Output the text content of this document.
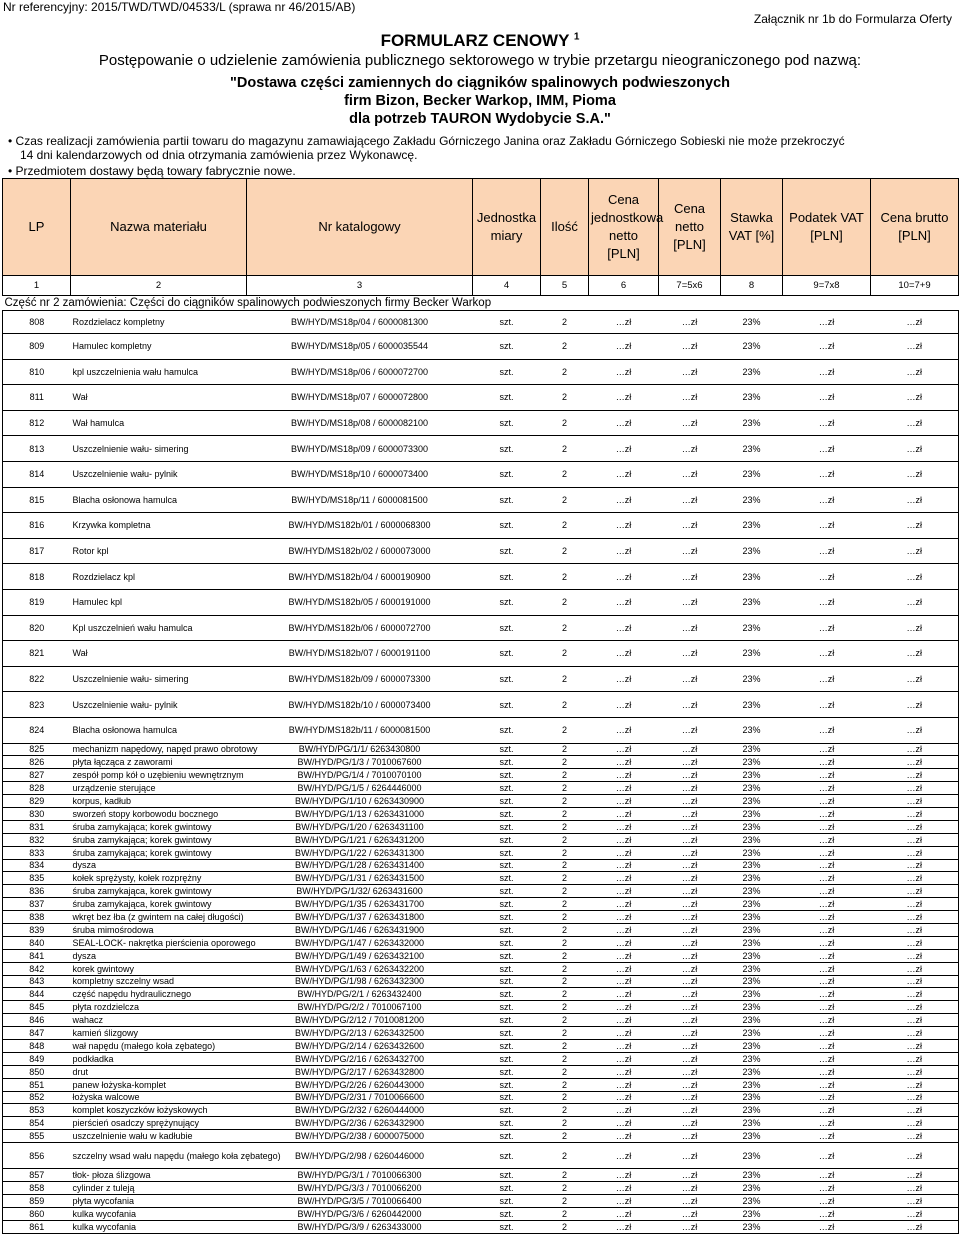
Nr referencyjny: 2015/TWD/TWD/04533/L (sprawa nr 46/2015/AB)
Załącznik nr 1b do Formularza Oferty
FORMULARZ CENOWY $^1$
Postępowanie o udzielenie zamówienia publicznego sektorowego w trybie przetargu nieograniczonego pod nazwą:
"Dostawa części zamiennych do ciągników spalinowych podwieszonych
firm Bizon, Becker Warkop, IMM, Pioma
dla potrzeb TAURON Wydobycie S.A."
• Czas realizacji zamówienia partii towaru do magazynu zamawiającego Zakładu Górniczego Janina oraz Zakładu Górniczego Sobieski nie może przekroczyć
14 dni kalendarzowych od dnia otrzymania zamówienia przez Wykonawcę.
• Przedmiotem dostawy będą towary fabrycznie nowe.
LP	Nazwa materiału	Nr katalogowy	Jednostka miary	Ilość	Cena jednostkowa netto [PLN]	Cena netto [PLN]	Stawka VAT [%]	Podatek VAT [PLN]	Cena brutto [PLN]
1	2	3	4	5	6	7=5x6	8	9=7x8	10=7+9
Część nr 2 zamówienia: Części do ciągników spalinowych podwieszonych firmy Becker Warkop									
808	Rozdzielacz kompletny	BW/HYD/MS18p/04 / 6000081300	szt.	2	…zł	…zł	23%	…zł	…zł
809	Hamulec kompletny	BW/HYD/MS18p/05 / 6000035544	szt.	2	…zł	…zł	23%	…zł	…zł
810	kpl uszczelnienia wału hamulca	BW/HYD/MS18p/06 / 6000072700	szt.	2	…zł	…zł	23%	…zł	…zł
811	Wał	BW/HYD/MS18p/07 / 6000072800	szt.	2	…zł	…zł	23%	…zł	…zł
812	Wał hamulca	BW/HYD/MS18p/08 / 6000082100	szt.	2	…zł	…zł	23%	…zł	…zł
813	Uszczelnienie wału- simering	BW/HYD/MS18p/09 / 6000073300	szt.	2	…zł	…zł	23%	…zł	…zł
814	Uszczelnienie wału- pylnik	BW/HYD/MS18p/10 / 6000073400	szt.	2	…zł	…zł	23%	…zł	…zł
815	Blacha osłonowa hamulca	BW/HYD/MS18p/11 / 6000081500	szt.	2	…zł	…zł	23%	…zł	…zł
816	Krzywka kompletna	BW/HYD/MS182b/01 / 6000068300	szt.	2	…zł	…zł	23%	…zł	…zł
817	Rotor kpl	BW/HYD/MS182b/02 / 6000073000	szt.	2	…zł	…zł	23%	…zł	…zł
818	Rozdzielacz kpl	BW/HYD/MS182b/04 / 6000190900	szt.	2	…zł	…zł	23%	…zł	…zł
819	Hamulec kpl	BW/HYD/MS182b/05 / 6000191000	szt.	2	…zł	…zł	23%	…zł	…zł
820	Kpl uszczelnień wału hamulca	BW/HYD/MS182b/06 / 6000072700	szt.	2	…zł	…zł	23%	…zł	…zł
821	Wał	BW/HYD/MS182b/07 / 6000191100	szt.	2	…zł	…zł	23%	…zł	…zł
822	Uszczelnienie wału- simering	BW/HYD/MS182b/09 / 6000073300	szt.	2	…zł	…zł	23%	…zł	…zł
823	Uszczelnienie wału- pylnik	BW/HYD/MS182b/10 / 6000073400	szt.	2	…zł	…zł	23%	…zł	…zł
824	Blacha osłonowa hamulca	BW/HYD/MS182b/11 / 6000081500	szt.	2	…zł	…zł	23%	…zł	…zł
825	mechanizm napędowy, napęd prawo obrotowy	BW/HYD/PG/1/1/ 6263430800	szt.	2	…zł	…zł	23%	…zł	…zł
826	płyta łącząca z zaworami	BW/HYD/PG/1/3 / 7010067600	szt.	2	…zł	…zł	23%	…zł	…zł
827	zespół pomp kół o uzębieniu wewnętrznym	BW/HYD/PG/1/4 / 7010070100	szt.	2	…zł	…zł	23%	…zł	…zł
828	urządzenie sterujące	BW/HYD/PG/1/5 / 6264446000	szt.	2	…zł	…zł	23%	…zł	…zł
829	korpus, kadłub	BW/HYD/PG/1/10 / 6263430900	szt.	2	…zł	…zł	23%	…zł	…zł
830	sworzeń stopy korbowodu bocznego	BW/HYD/PG/1/13 / 6263431000	szt.	2	…zł	…zł	23%	…zł	…zł
831	śruba zamykająca; korek gwintowy	BW/HYD/PG/1/20 / 6263431100	szt.	2	…zł	…zł	23%	…zł	…zł
832	śruba zamykająca; korek gwintowy	BW/HYD/PG/1/21 / 6263431200	szt.	2	…zł	…zł	23%	…zł	…zł
833	śruba zamykająca; korek gwintowy	BW/HYD/PG/1/22 / 6263431300	szt.	2	…zł	…zł	23%	…zł	…zł
834	dysza	BW/HYD/PG/1/28 / 6263431400	szt.	2	…zł	…zł	23%	…zł	…zł
835	kołek sprężysty, kołek rozprężny	BW/HYD/PG/1/31 / 6263431500	szt.	2	…zł	…zł	23%	…zł	…zł
836	śruba zamykająca, korek gwintowy	BW/HYD/PG/1/32/ 6263431600	szt.	2	…zł	…zł	23%	…zł	…zł
837	śruba zamykająca, korek gwintowy	BW/HYD/PG/1/35 / 6263431700	szt.	2	…zł	…zł	23%	…zł	…zł
838	wkręt bez łba (z gwintem na całej długości)	BW/HYD/PG/1/37 / 6263431800	szt.	2	…zł	…zł	23%	…zł	…zł
839	śruba mimośrodowa	BW/HYD/PG/1/46 / 6263431900	szt.	2	…zł	…zł	23%	…zł	…zł
840	SEAL-LOCK- nakrętka pierścienia oporowego	BW/HYD/PG/1/47 / 6263432000	szt.	2	…zł	…zł	23%	…zł	…zł
841	dysza	BW/HYD/PG/1/49 / 6263432100	szt.	2	…zł	…zł	23%	…zł	…zł
842	korek gwintowy	BW/HYD/PG/1/63 / 6263432200	szt.	2	…zł	…zł	23%	…zł	…zł
843	kompletny szczelny wsad	BW/HYD/PG/1/98 / 6263432300	szt.	2	…zł	…zł	23%	…zł	…zł
844	część napędu hydraulicznego	BW/HYD/PG/2/1 / 6263432400	szt.	2	…zł	…zł	23%	…zł	…zł
845	płyta rozdzielcza	BW/HYD/PG/2/2 / 7010067100	szt.	2	…zł	…zł	23%	…zł	…zł
846	wahacz	BW/HYD/PG/2/12 / 7010081200	szt.	2	…zł	…zł	23%	…zł	…zł
847	kamień ślizgowy	BW/HYD/PG/2/13 / 6263432500	szt.	2	…zł	…zł	23%	…zł	…zł
848	wał napędu (małego koła zębatego)	BW/HYD/PG/2/14 / 6263432600	szt.	2	…zł	…zł	23%	…zł	…zł
849	podkładka	BW/HYD/PG/2/16 / 6263432700	szt.	2	…zł	…zł	23%	…zł	…zł
850	drut	BW/HYD/PG/2/17 / 6263432800	szt.	2	…zł	…zł	23%	…zł	…zł
851	panew łożyska-komplet	BW/HYD/PG/2/26 / 6260443000	szt.	2	…zł	…zł	23%	…zł	…zł
852	łożyska walcowe	BW/HYD/PG/2/31 / 7010066600	szt.	2	…zł	…zł	23%	…zł	…zł
853	komplet koszyczków łożyskowych	BW/HYD/PG/2/32 / 6260444000	szt.	2	…zł	…zł	23%	…zł	…zł
854	pierścień osadczy sprężynujący	BW/HYD/PG/2/36 / 6263432900	szt.	2	…zł	…zł	23%	…zł	…zł
855	uszczelnienie wału w kadłubie	BW/HYD/PG/2/38 / 6000075000	szt.	2	…zł	…zł	23%	…zł	…zł
856	szczelny wsad wału napędu (małego koła zębatego)	BW/HYD/PG/2/98 / 6260446000	szt.	2	…zł	…zł	23%	…zł	…zł
857	tłok- płoza ślizgowa	BW/HYD/PG/3/1 / 7010066300	szt.	2	…zł	…zł	23%	…zł	…zł
858	cylinder z tuleją	BW/HYD/PG/3/3 / 7010066200	szt.	2	…zł	…zł	23%	…zł	…zł
859	płyta wycofania	BW/HYD/PG/3/5 / 7010066400	szt.	2	…zł	…zł	23%	…zł	…zł
860	kulka wycofania	BW/HYD/PG/3/6 / 6260442000	szt.	2	…zł	…zł	23%	…zł	…zł
861	kulka wycofania	BW/HYD/PG/3/9 / 6263433000	szt.	2	…zł	…zł	23%	…zł	…zł
